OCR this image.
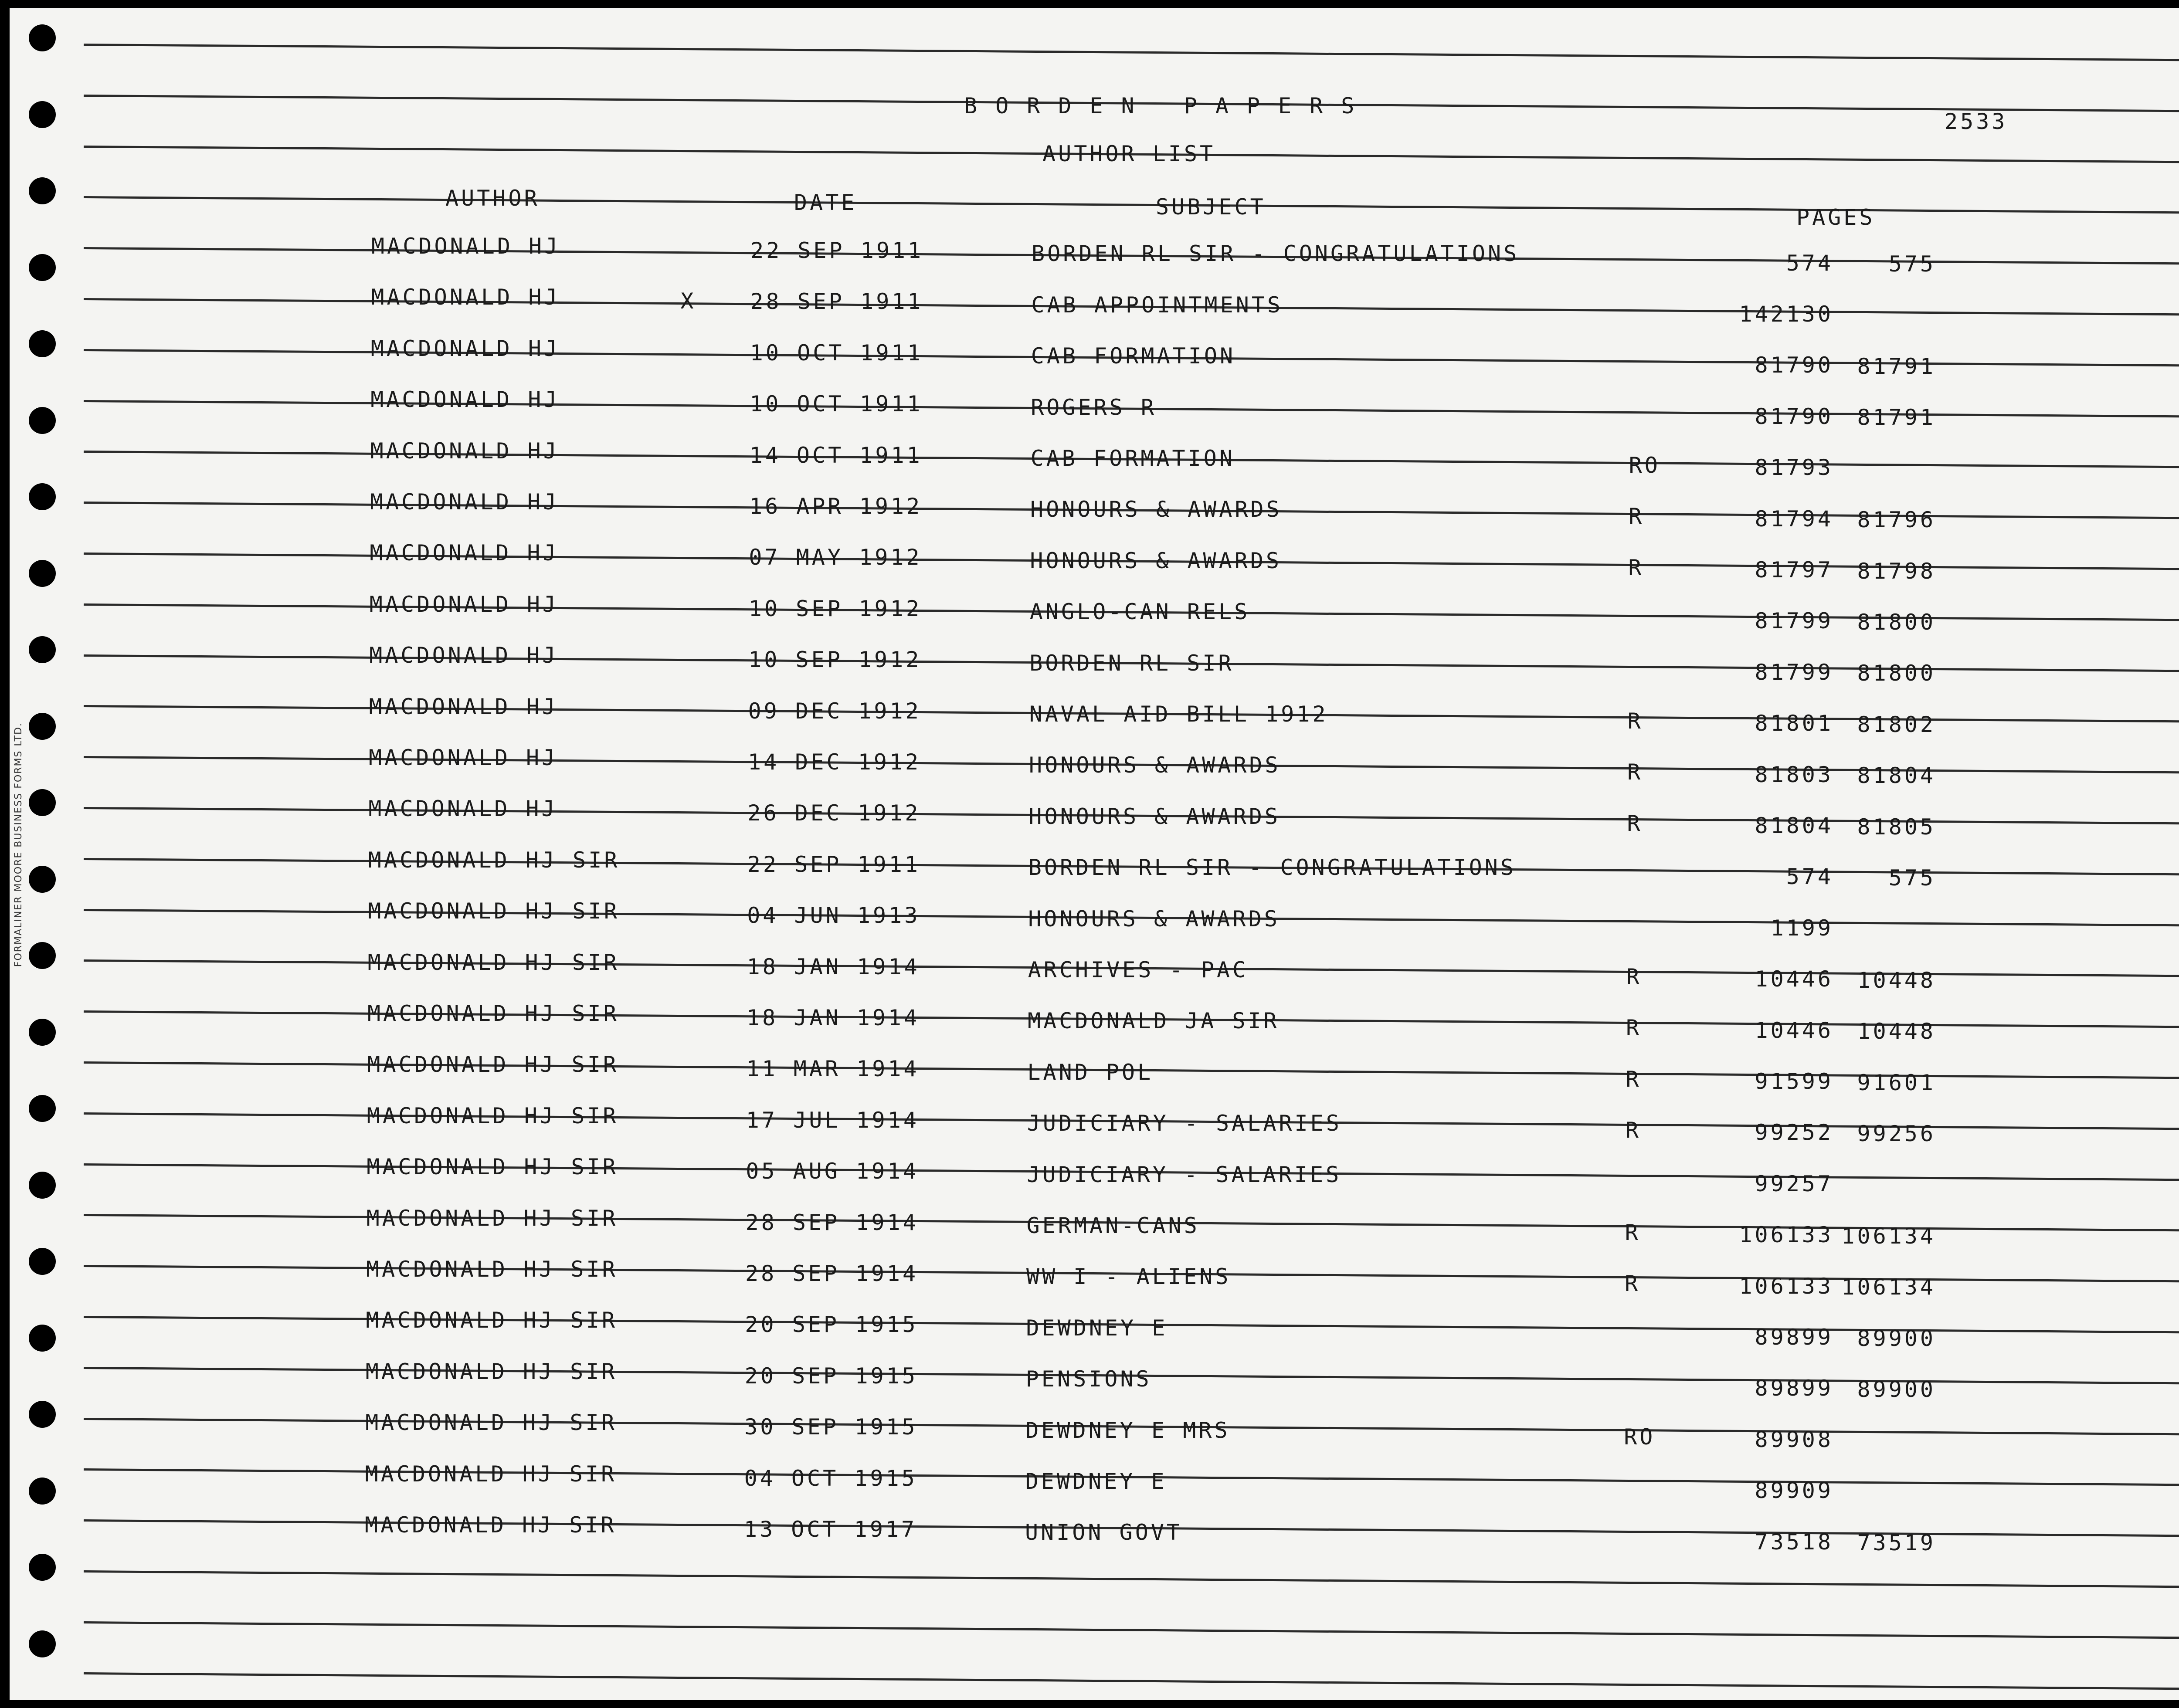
BORDEN PAPERS
2533
AUTHOR LIST
AUTHOR	DATE	SUBJECT	PAGES
MACDONALD HJ	22 SEP 1911	BORDEN RL SIR - CONGRATULATIONS	574	575
MACDONALD HJ	X 28 SEP 1911	CAB APPOINTMENTS	142130
MACDONALD HJ	10 OCT 1911	CAB FORMATION	81790 81791
MACDONALD HJ	10 OCT 1911	ROGERS R	81790 81791
MACDONALD HJ	14 OCT 1911	CAB FORMATION	RO	81793
MACDONALD HJ	16 APR 1912	HONOURS & AWARDS	R	81794 81796
MACDONALD HJ	07 MAY 1912	HONOURS & AWARDS	R	81797 81798
MACDONALD HJ	10 SEP 1912	ANGLO-CAN RELS	81799 81800
MACDONALD HJ	10 SEP 1912	BORDEN RL SIR	81799 81800
MACDONALD HJ	09 DEC 1912	NAVAL AID BILL 1912	R	81801 81802
MACDONALD HJ	14 DEC 1912	HONOURS & AWARDS	R	81803 81804
MACDONALD HJ	26 DEC 1912	HONOURS & AWARDS	R	81804 81805
MACDONALD HJ SIR	22 SEP 1911	BORDEN RL SIR - CONGRATULATIONS	574	575
MACDONALD HJ SIR	04 JUN 1913	HONOURS & AWARDS	1199
MACDONALD HJ SIR	18 JAN 1914	ARCHIVES - PAC	R	10446 10448
MACDONALD HJ SIR	18 JAN 1914	MACDONALD JA SIR	R	10446 10448
MACDONALD HJ SIR	11 MAR 1914	LAND POL	R	91599 91601
MACDONALD HJ SIR	17 JUL 1914	JUDICIARY - SALARIES	R	99252 99256
MACDONALD HJ SIR	05 AUG 1914	JUDICIARY - SALARIES	99257
MACDONALD HJ SIR	28 SEP 1914	GERMAN-CANS	R	106133 106134
MACDONALD HJ SIR	28 SEP 1914	WW I - ALIENS	R	106133 106134
MACDONALD HJ SIR	20 SEP 1915	DEWDNEY E	89899 89900
MACDONALD HJ SIR	20 SEP 1915	PENSIONS	89899 89900
MACDONALD HJ SIR	30 SEP 1915	DEWDNEY E MRS	RO	89908
MACDONALD HJ SIR	04 OCT 1915	DEWDNEY E	89909
MACDONALD HJ SIR	13 OCT 1917	UNION GOVT	73518 73519
FORMALINER MOORE BUSINESS FORMS LTD.
